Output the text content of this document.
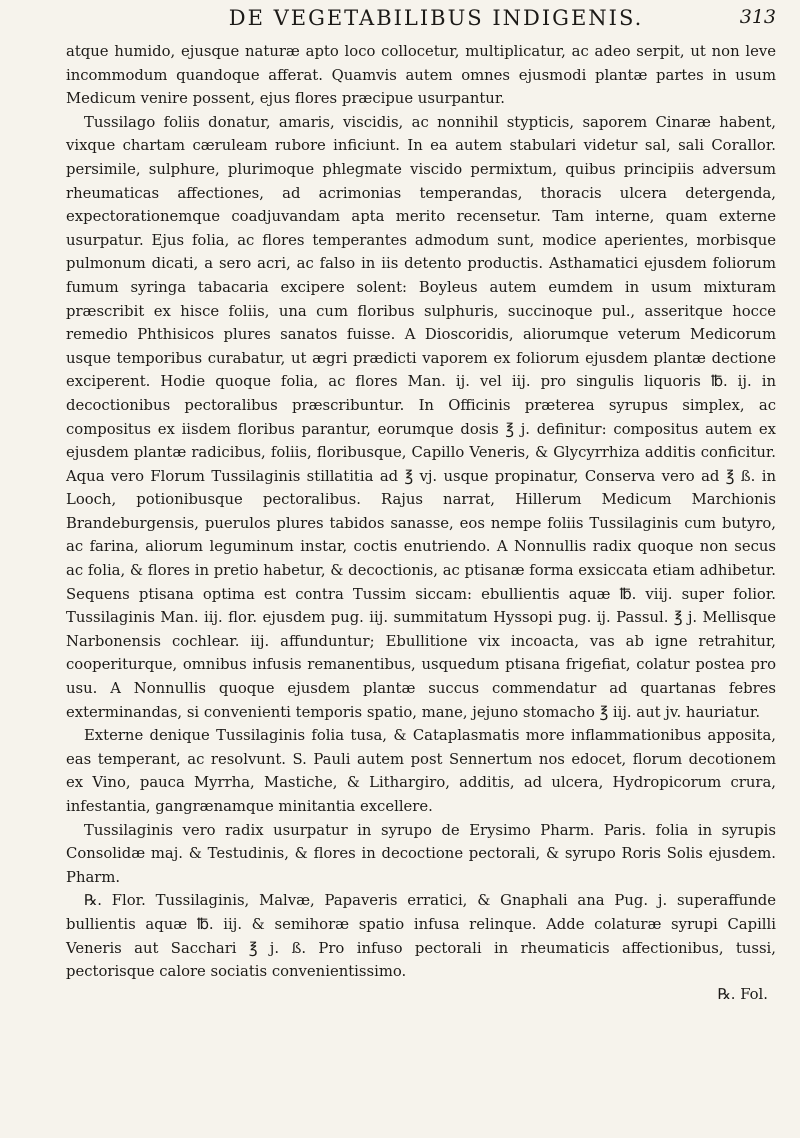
DE VEGETABILIBUS INDIGENIS.	313

atque humido, ejusque naturæ apto loco collocetur, multiplicatur, ac adeo serpit, ut non leve incommodum quandoque afferat. Quamvis autem omnes ejusmodi plantæ partes in usum Medicum venire possent, ejus flores præcipue usurpantur.

Tussilago foliis donatur, amaris, viscidis, ac nonnihil stypticis, saporem Cinaræ habent, vixque chartam cæruleam rubore inficiunt. In ea autem stabulari videtur sal, sali Corallor. persimile, sulphure, plurimoque phlegmate viscido permixtum, quibus principiis adversum rheumaticas affectiones, ad acrimonias temperandas, thoracis ulcera detergenda, expectorationemque coadjuvandam apta merito recensetur. Tam interne, quam externe usurpatur. Ejus folia, ac flores temperantes admodum sunt, modice aperientes, morbisque pulmonum dicati, a sero acri, ac falso in iis detento productis. Asthamatici ejusdem foliorum fumum syringa tabacaria excipere solent: Boyleus autem eumdem in usum mixturam præscribit ex hisce foliis, una cum floribus sulphuris, succinoque pul., asseritque hocce remedio Phthisicos plures sanatos fuisse. A Dioscoridis, aliorumque veterum Medicorum usque temporibus curabatur, ut ægri prædicti vaporem ex foliorum ejusdem plantæ dectione exciperent. Hodie quoque folia, ac flores Man. ij. vel iij. pro singulis liquoris ℔. ij. in decoctionibus pectoralibus præscribuntur. In Officinis præterea syrupus simplex, ac compositus ex iisdem floribus parantur, eorumque dosis ℥ j. definitur: compositus autem ex ejusdem plantæ radicibus, foliis, floribusque, Capillo Veneris, & Glycyrrhiza additis conficitur. Aqua vero Florum Tussilaginis stillatitia ad ℥ vj. usque propinatur, Conserva vero ad ℥ ß. in Looch, potionibusque pectoralibus. Rajus narrat, Hillerum Medicum Marchionis Brandeburgensis, puerulos plures tabidos sanasse, eos nempe foliis Tussilaginis cum butyro, ac farina, aliorum leguminum instar, coctis enutriendo. A Nonnullis radix quoque non secus ac folia, & flores in pretio habetur, & decoctionis, ac ptisanæ forma exsiccata etiam adhibetur. Sequens ptisana optima est contra Tussim siccam: ebullientis aquæ ℔. viij. super folior. Tussilaginis Man. iij. flor. ejusdem pug. iij. summitatum Hyssopi pug. ij. Passul. ℥ j. Mellisque Narbonensis cochlear. iij. affunduntur; Ebullitione vix incoacta, vas ab igne retrahitur, cooperiturque, omnibus infusis remanentibus, usquedum ptisana frigefiat, colatur postea pro usu. A Nonnullis quoque ejusdem plantæ succus commendatur ad quartanas febres exterminandas, si convenienti temporis spatio, mane, jejuno stomacho ℥ iij. aut jv. hauriatur.

Externe denique Tussilaginis folia tusa, & Cataplasmatis more inflammationibus apposita, eas temperant, ac resolvunt. S. Pauli autem post Sennertum nos edocet, florum decotionem ex Vino, pauca Myrrha, Mastiche, & Lithargiro, additis, ad ulcera, Hydropicorum crura, infestantia, gangrænamque minitantia excellere.

Tussilaginis vero radix usurpatur in syrupo de Erysimo Pharm. Paris. folia in syrupis Consolidæ maj. & Testudinis, & flores in decoctione pectorali, & syrupo Roris Solis ejusdem. Pharm.

℞. Flor. Tussilaginis, Malvæ, Papaveris erratici, & Gnaphali ana Pug. j. superaffunde bullientis aquæ ℔. iij. & semihoræ spatio infusa relinque. Adde colaturæ syrupi Capilli Veneris aut Sacchari ℥ j. ß. Pro infuso pectorali in rheumaticis affectionibus, tussi, pectorisque calore sociatis convenientissimo.

℞. Fol.
